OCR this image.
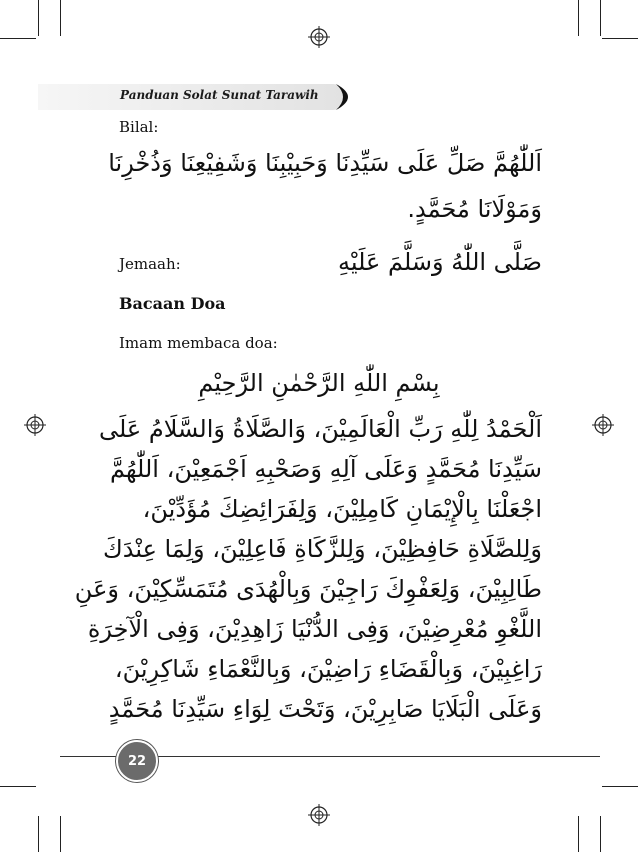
Panduan Solat Sunat Tarawih
Bilal:
اَللّٰهُمَّ صَلِّ عَلَى سَيِّدِنَا وَحَبِيْبِنَا وَشَفِيْعِنَا وَذُخْرِنَا
وَمَوْلَانَا مُحَمَّدٍ.
Jemaah:	صَلَّى اللّٰهُ وَسَلَّمَ عَلَيْهِ
Bacaan Doa
Imam membaca doa:
بِسْمِ اللّٰهِ الرَّحْمٰنِ الرَّحِيْمِ
اَلْحَمْدُ لِلّٰهِ رَبِّ الْعَالَمِيْنَ، وَالصَّلَاةُ وَالسَّلَامُ عَلَى
سَيِّدِنَا مُحَمَّدٍ وَعَلَى آلِهِ وَصَحْبِهِ اَجْمَعِيْنَ، اَللّٰهُمَّ
اجْعَلْنَا بِالْإِيْمَانِ كَامِلِيْنَ، وَلِفَرَائِضِكَ مُؤَدِّيْنَ،
وَلِلصَّلَاةِ حَافِظِيْنَ، وَلِلزَّكَاةِ فَاعِلِيْنَ، وَلِمَا عِنْدَكَ
طَالِبِيْنَ، وَلِعَفْوِكَ رَاجِيْنَ وَبِالْهُدَى مُتَمَسِّكِيْنَ، وَعَنِ
اللَّغْوِ مُعْرِضِيْنَ، وَفِى الدُّنْيَا زَاهِدِيْنَ، وَفِى الْآخِرَةِ
رَاغِبِيْنَ، وَبِالْقَضَاءِ رَاضِيْنَ، وَبِالنَّعْمَاءِ شَاكِرِيْنَ،
وَعَلَى الْبَلَايَا صَابِرِيْنَ، وَتَحْتَ لِوَاءِ سَيِّدِنَا مُحَمَّدٍ
22
